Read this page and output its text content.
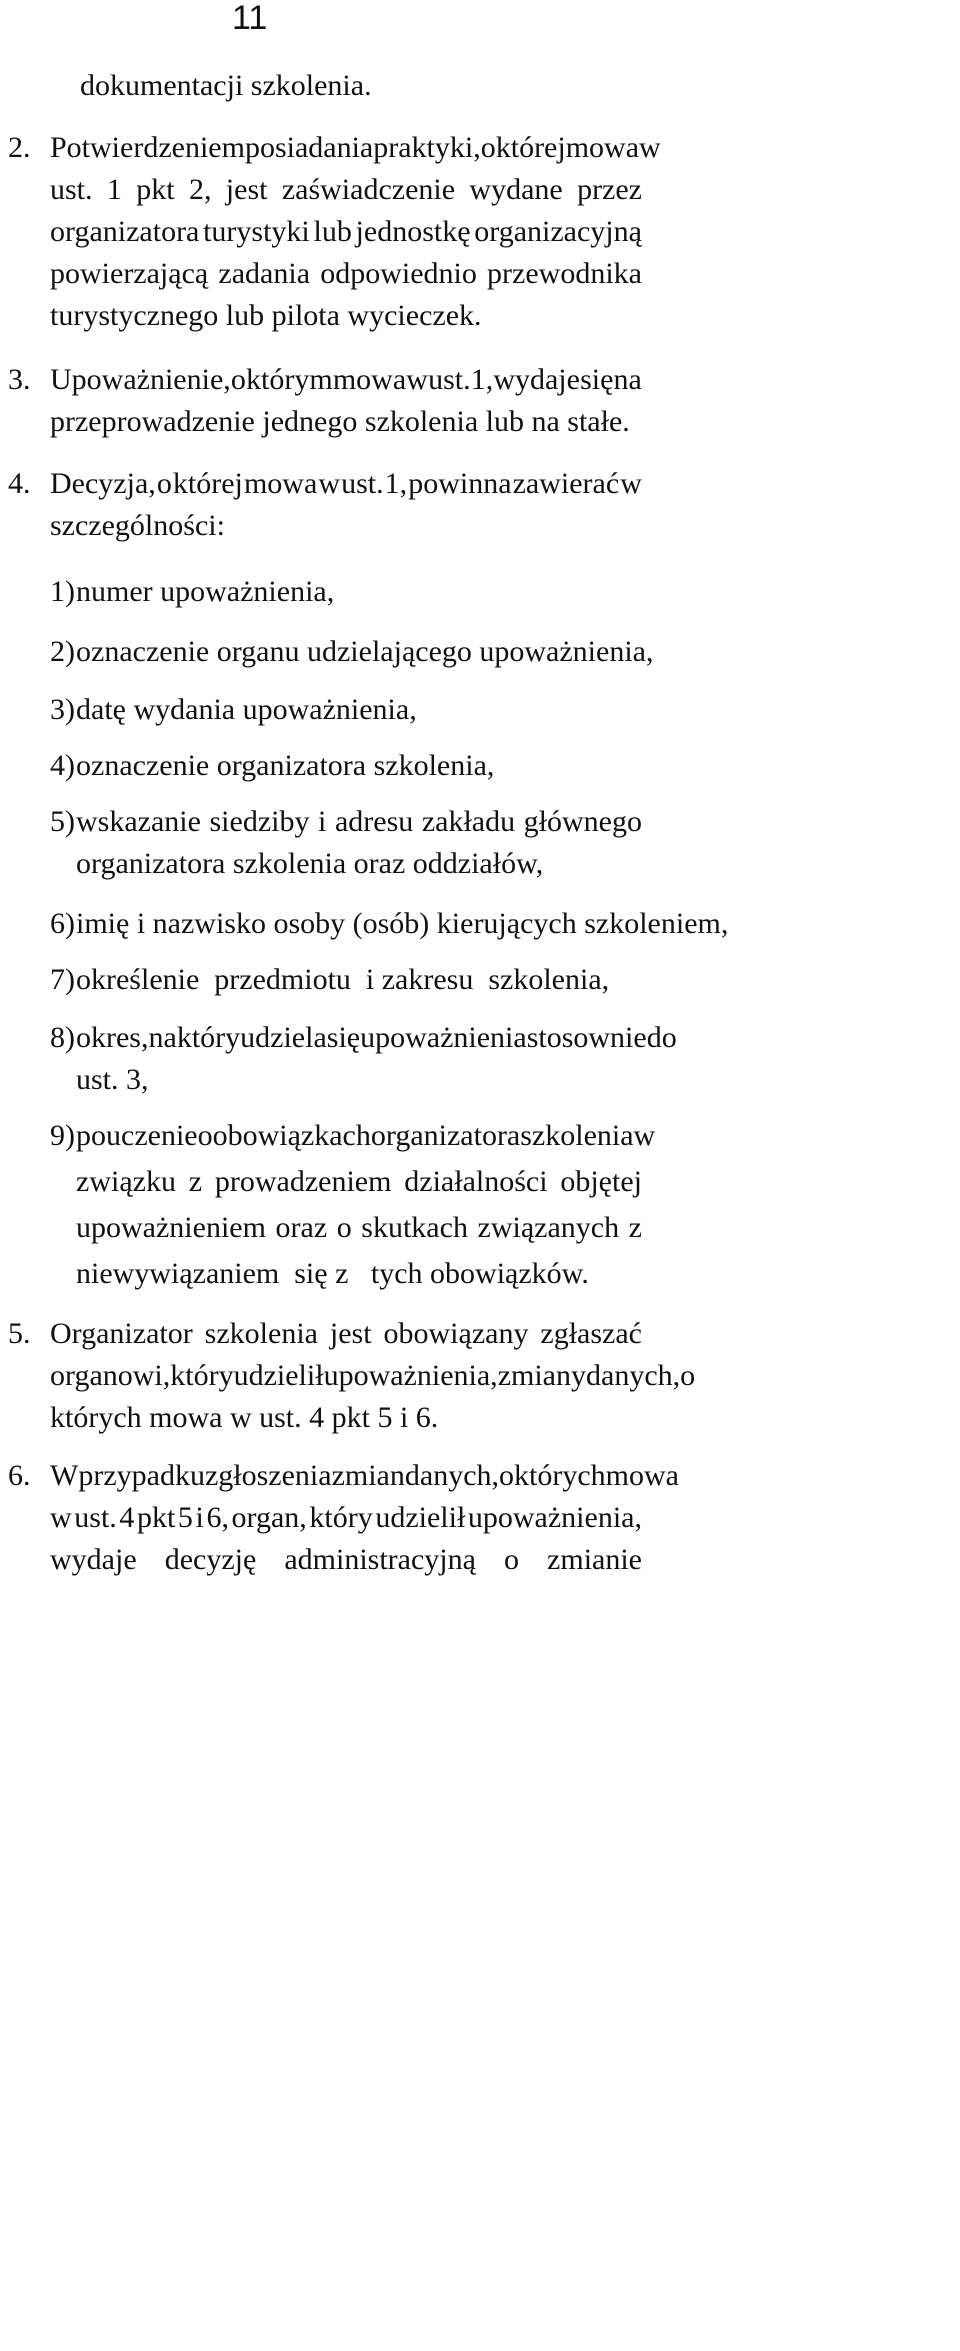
11
dokumentacji szkolenia.
2. Potwierdzeniem posiadania praktyki, o której mowa w
ust. 1 pkt 2, jest zaświadczenie wydane przez
organizatora turystyki lub jednostkę organizacyjną
powierzającą zadania odpowiednio przewodnika
turystycznego lub pilota wycieczek.
3. Upoważnienie, o którym mowa w ust. 1, wydaje się na
przeprowadzenie jednego szkolenia lub na stałe.
4. Decyzja, o której mowa w ust. 1, powinna zawierać w
szczególności:
1) numer upoważnienia,
2) oznaczenie organu udzielającego upoważnienia,
3) datę wydania upoważnienia,
4) oznaczenie organizatora szkolenia,
5) wskazanie siedziby i adresu zakładu głównego
organizatora szkolenia oraz oddziałów,
6) imię i nazwisko osoby (osób) kierujących szkoleniem,
7) określenie  przedmiotu  i zakresu  szkolenia,
8) okres, na który udziela się upoważnienia stosownie do
ust. 3,
9) pouczenie o obowiązkach organizatora szkolenia w
związku z prowadzeniem działalności objętej
upoważnieniem oraz o skutkach związanych z
niewywiązaniem  się z   tych obowiązków.
5. Organizator szkolenia jest obowiązany zgłaszać
organowi, który udzielił upoważnienia, zmiany danych, o
których mowa w ust. 4 pkt 5 i 6.
6. W przypadku zgłoszenia zmian danych, o których mowa
w ust. 4 pkt 5 i 6, organ, który udzielił upoważnienia,
wydaje decyzję administracyjną o zmianie
